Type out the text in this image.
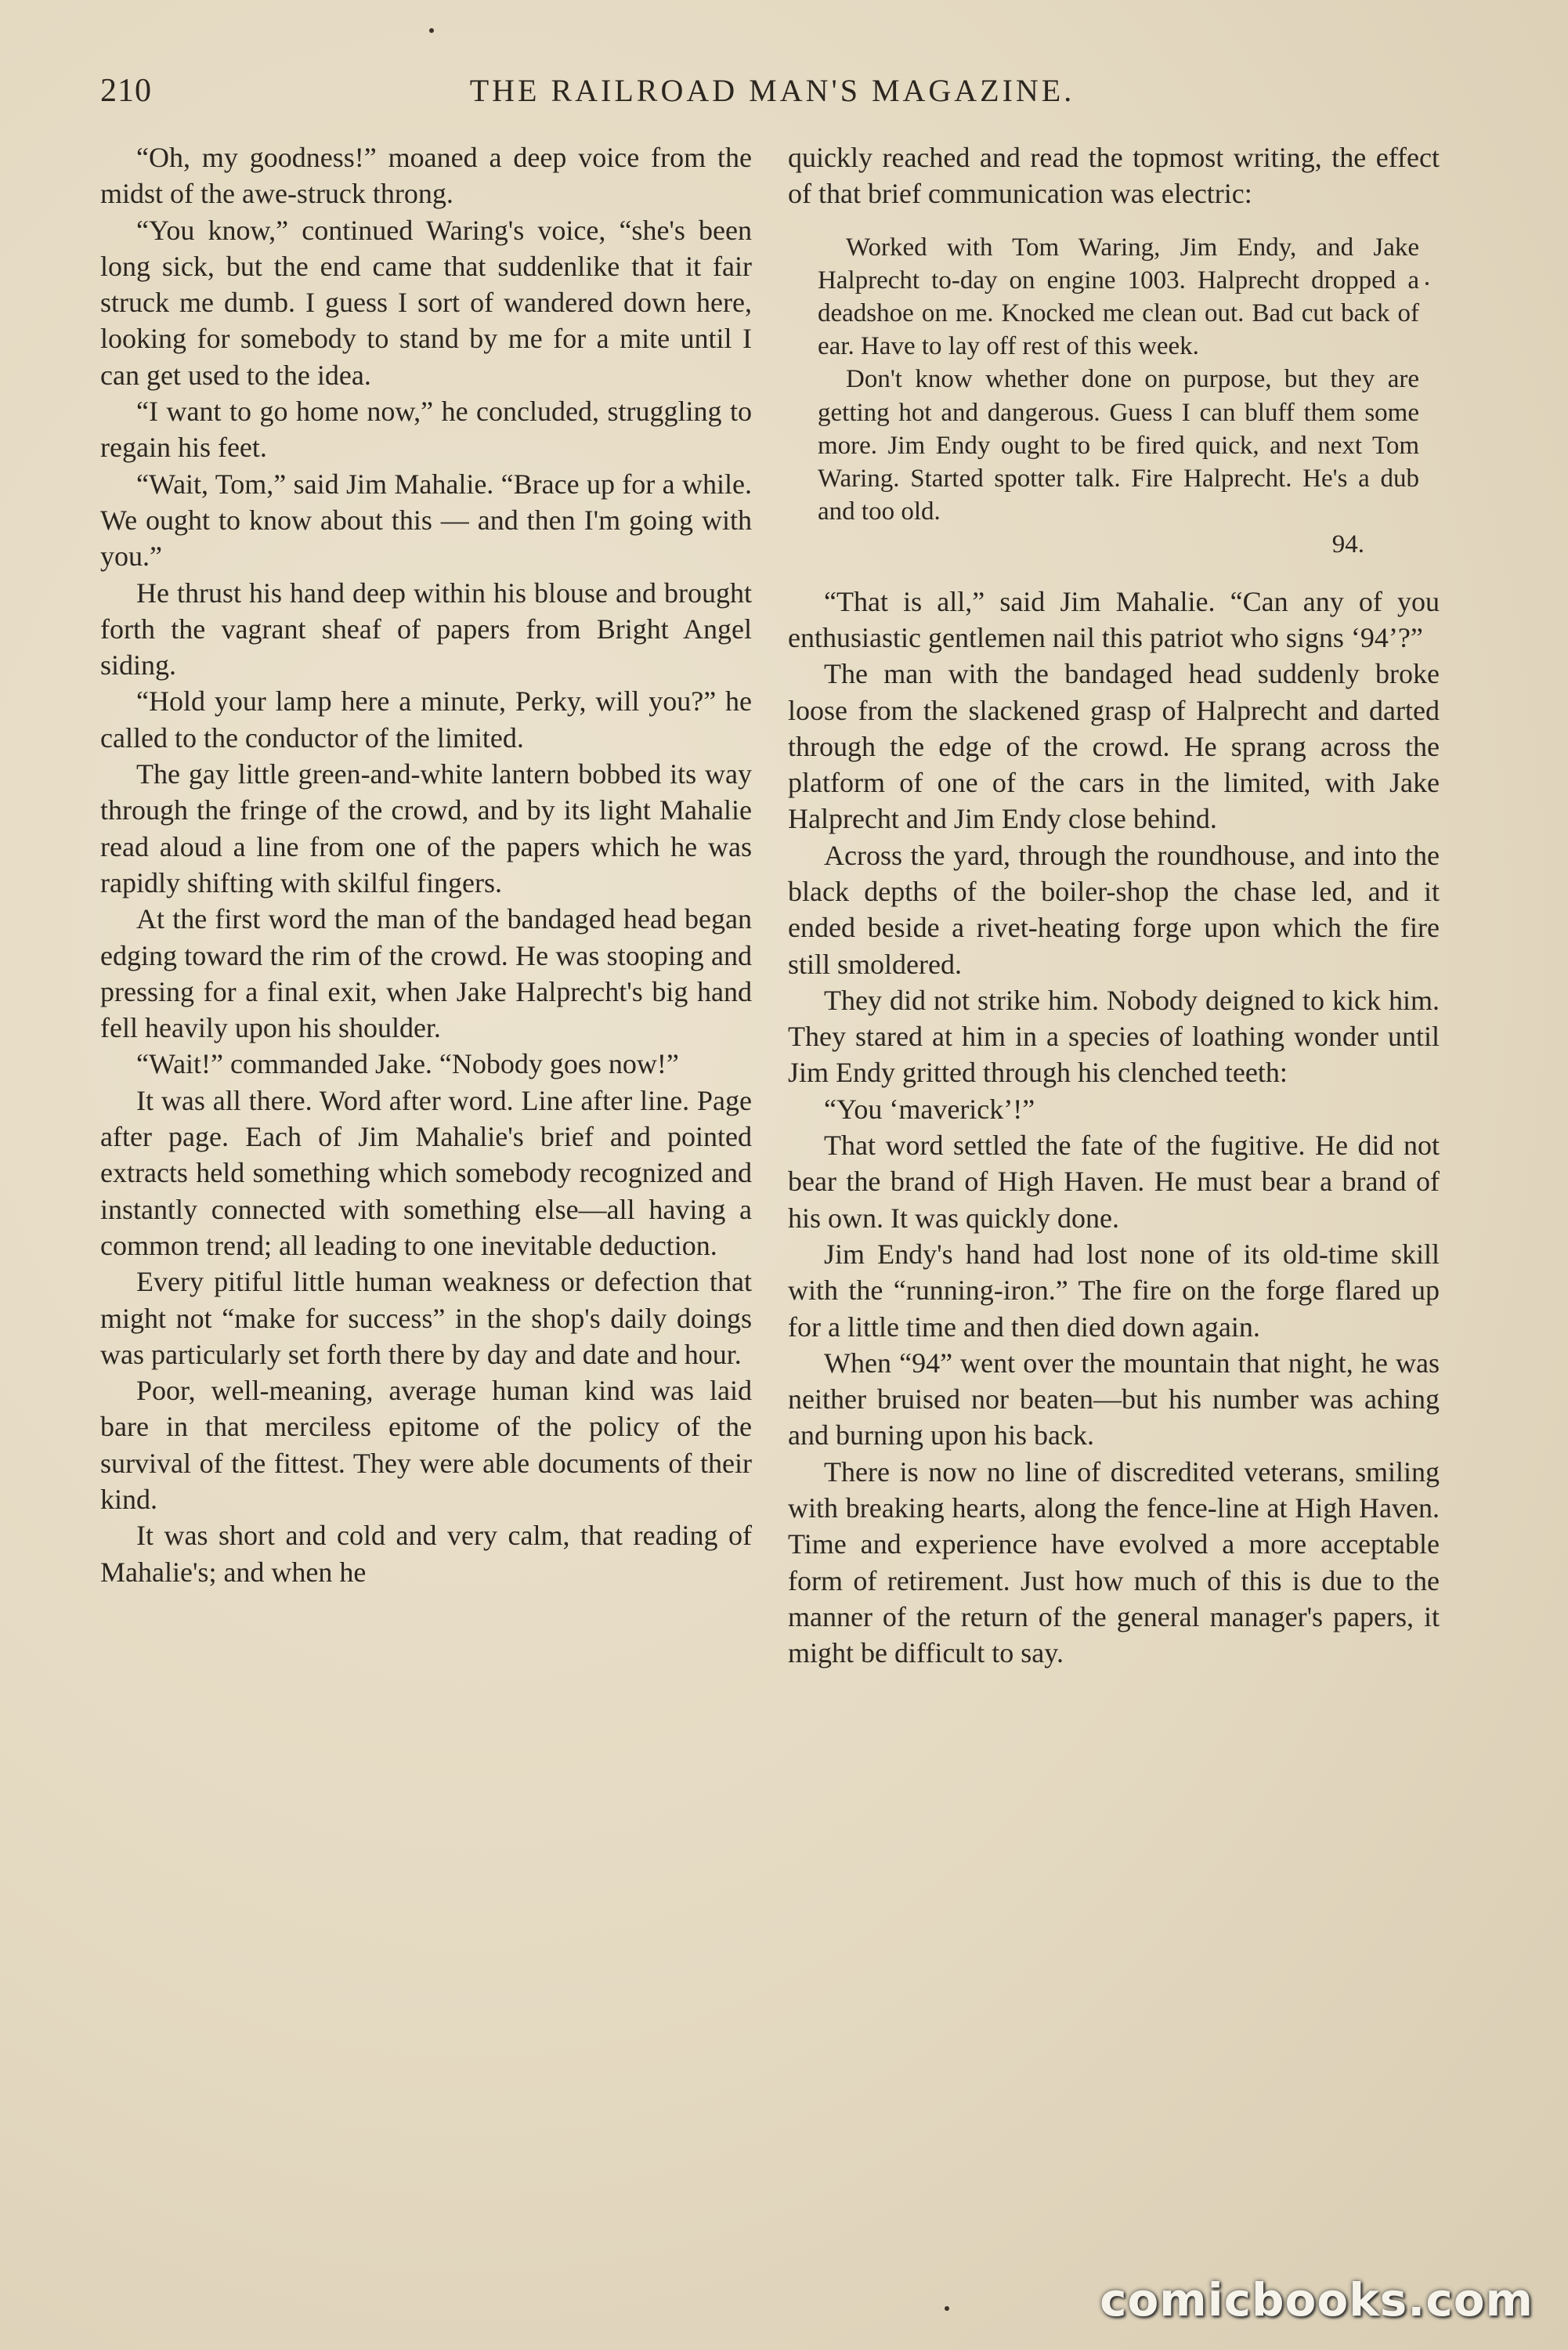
210	THE RAILROAD MAN'S MAGAZINE.

“Oh, my goodness!” moaned a deep voice from the midst of the awe-struck throng.

“You know,” continued Waring's voice, “she's been long sick, but the end came that suddenlike that it fair struck me dumb. I guess I sort of wandered down here, looking for somebody to stand by me for a mite until I can get used to the idea.

“I want to go home now,” he concluded, struggling to regain his feet.

“Wait, Tom,” said Jim Mahalie. “Brace up for a while. We ought to know about this — and then I'm going with you.”

He thrust his hand deep within his blouse and brought forth the vagrant sheaf of papers from Bright Angel siding.

“Hold your lamp here a minute, Perky, will you?” he called to the conductor of the limited.

The gay little green-and-white lantern bobbed its way through the fringe of the crowd, and by its light Mahalie read aloud a line from one of the papers which he was rapidly shifting with skilful fingers.

At the first word the man of the bandaged head began edging toward the rim of the crowd. He was stooping and pressing for a final exit, when Jake Halprecht's big hand fell heavily upon his shoulder.

“Wait!” commanded Jake. “Nobody goes now!”

It was all there. Word after word. Line after line. Page after page. Each of Jim Mahalie's brief and pointed extracts held something which somebody recognized and instantly connected with something else—all having a common trend; all leading to one inevitable deduction.

Every pitiful little human weakness or defection that might not “make for success” in the shop's daily doings was particularly set forth there by day and date and hour.

Poor, well-meaning, average human kind was laid bare in that merciless epitome of the policy of the survival of the fittest. They were able documents of their kind.

It was short and cold and very calm, that reading of Mahalie's; and when he

quickly reached and read the topmost writing, the effect of that brief communication was electric:

Worked with Tom Waring, Jim Endy, and Jake Halprecht to-day on engine 1003. Halprecht dropped a deadshoe on me. Knocked me clean out. Bad cut back of ear. Have to lay off rest of this week.

Don't know whether done on purpose, but they are getting hot and dangerous. Guess I can bluff them some more. Jim Endy ought to be fired quick, and next Tom Waring. Started spotter talk. Fire Halprecht. He's a dub and too old.

94.

“That is all,” said Jim Mahalie. “Can any of you enthusiastic gentlemen nail this patriot who signs ‘94’?”

The man with the bandaged head suddenly broke loose from the slackened grasp of Halprecht and darted through the edge of the crowd. He sprang across the platform of one of the cars in the limited, with Jake Halprecht and Jim Endy close behind.

Across the yard, through the roundhouse, and into the black depths of the boiler-shop the chase led, and it ended beside a rivet-heating forge upon which the fire still smoldered.

They did not strike him. Nobody deigned to kick him. They stared at him in a species of loathing wonder until Jim Endy gritted through his clenched teeth:

“You ‘maverick’!”

That word settled the fate of the fugitive. He did not bear the brand of High Haven. He must bear a brand of his own. It was quickly done.

Jim Endy's hand had lost none of its old-time skill with the “running-iron.” The fire on the forge flared up for a little time and then died down again.

When “94” went over the mountain that night, he was neither bruised nor beaten—but his number was aching and burning upon his back.

There is now no line of discredited veterans, smiling with breaking hearts, along the fence-line at High Haven. Time and experience have evolved a more acceptable form of retirement. Just how much of this is due to the manner of the return of the general manager's papers, it might be difficult to say.

comicbooks.com
